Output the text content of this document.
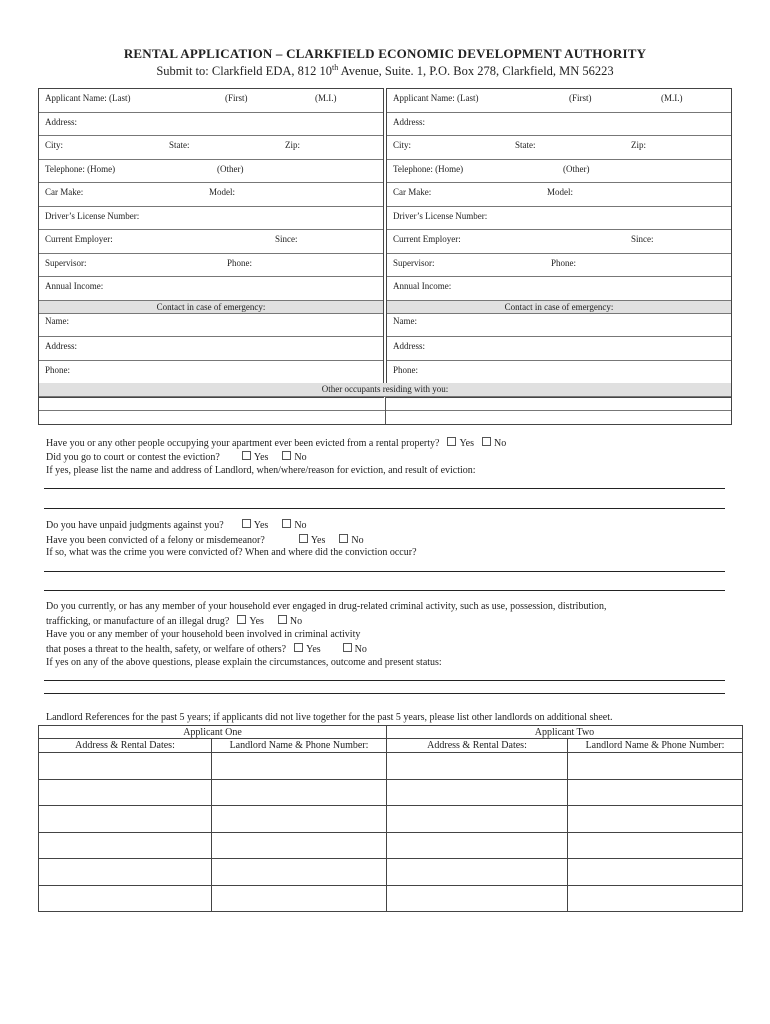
RENTAL APPLICATION – CLARKFIELD ECONOMIC DEVELOPMENT AUTHORITY
Submit to: Clarkfield EDA, 812 10th Avenue, Suite. 1, P.O. Box 278, Clarkfield, MN 56223
Applicant Name: (Last)	(First)	(M.I.)
Address:
City:	State:	Zip:
Telephone: (Home)	(Other)
Car Make:	Model:
Driver’s License Number:
Current Employer:	Since:
Supervisor:	Phone:
Annual Income:
Contact in case of emergency:
Name:
Address:
Phone:
Applicant Name: (Last)	(First)	(M.I.)
Address:
City:	State:	Zip:
Telephone: (Home)	(Other)
Car Make:	Model:
Driver’s License Number:
Current Employer:	Since:
Supervisor:	Phone:
Annual Income:
Contact in case of emergency:
Name:
Address:
Phone:
Other occupants residing with you:
Have you or any other people occupying your apartment ever been evicted from a rental property? Yes No
Did you go to court or contest the eviction?	Yes	No
If yes, please list the name and address of Landlord, when/where/reason for eviction, and result of eviction:
Do you have unpaid judgments against you?	Yes	No
Have you been convicted of a felony or misdemeanor?	Yes	No
If so, what was the crime you were convicted of? When and where did the conviction occur?
Do you currently, or has any member of your household ever engaged in drug-related criminal activity, such as use, possession, distribution,
trafficking, or manufacture of an illegal drug? Yes	No
Have you or any member of your household been involved in criminal activity
that poses a threat to the health, safety, or welfare of others? Yes	No
If yes on any of the above questions, please explain the circumstances, outcome and present status:
Landlord References for the past 5 years; if applicants did not live together for the past 5 years, please list other landlords on additional sheet.
Applicant One		Applicant Two	
Address & Rental Dates:	Landlord Name & Phone Number:	Address & Rental Dates:	Landlord Name & Phone Number:
